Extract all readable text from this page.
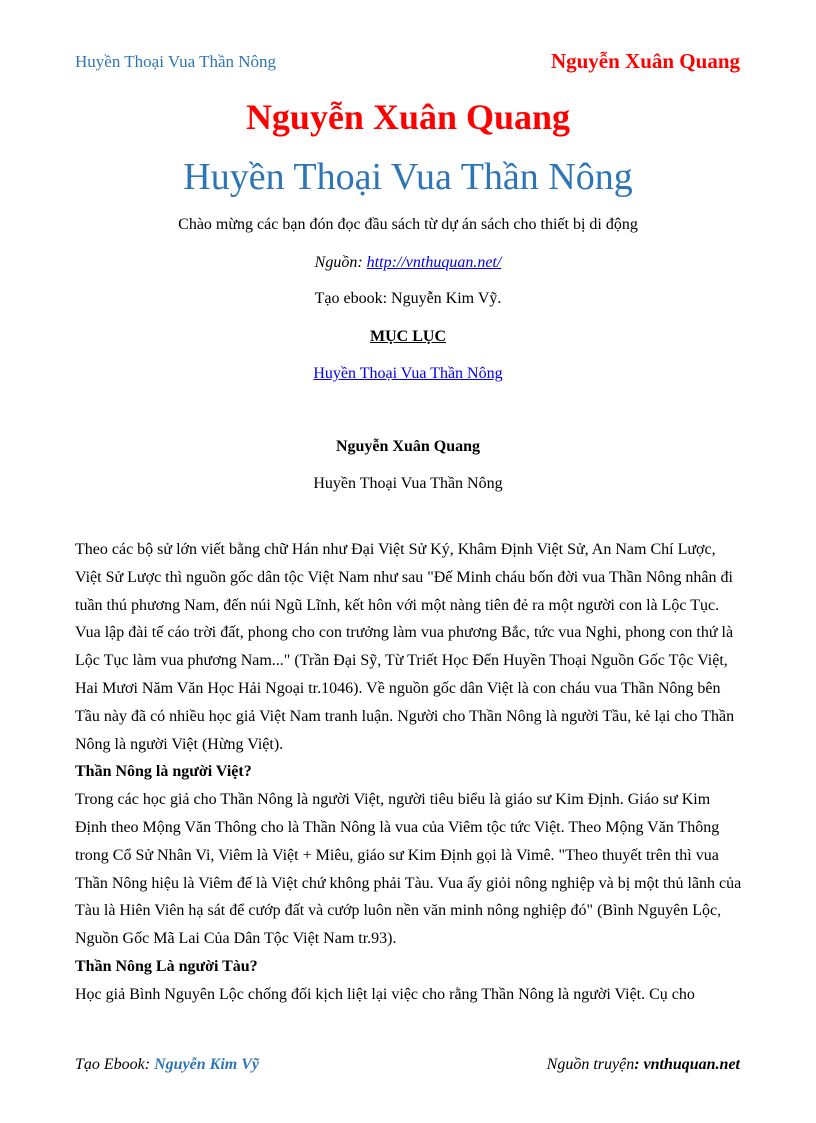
Huyền Thoại Vua Thần Nông	Nguyễn Xuân Quang
Nguyễn Xuân Quang
Huyền Thoại Vua Thần Nông
Chào mừng các bạn đón đọc đầu sách từ dự án sách cho thiết bị di động
Nguồn: http://vnthuquan.net/
Tạo ebook: Nguyễn Kim Vỹ.
MỤC LỤC
Huyền Thoại Vua Thần Nông
Nguyễn Xuân Quang
Huyền Thoại Vua Thần Nông

Theo các bộ sử lớn viết bằng chữ Hán như Đại Việt Sử Ký, Khâm Định Việt Sử, An Nam Chí Lược, Việt Sử Lược thì nguồn gốc dân tộc Việt Nam như sau "Đế Minh cháu bốn đời vua Thần Nông nhân đi tuần thú phương Nam, đến núi Ngũ Lĩnh, kết hôn với một nàng tiên đẻ ra một người con là Lộc Tục. Vua lập đài tế cáo trời đất, phong cho con trưởng làm vua phương Bắc, tức vua Nghi, phong con thứ là Lộc Tục làm vua phương Nam..." (Trần Đại Sỹ, Từ Triết Học Đến Huyền Thoại Nguồn Gốc Tộc Việt, Hai Mươi Năm Văn Học Hải Ngoại tr.1046). Về nguồn gốc dân Việt là con cháu vua Thần Nông bên Tầu này đã có nhiều học giả Việt Nam tranh luận. Người cho Thần Nông là người Tầu, kẻ lại cho Thần Nông là người Việt (Hừng Việt).

Thần Nông là người Việt?

Trong các học giả cho Thần Nông là người Việt, người tiêu biểu là giáo sư Kim Định. Giáo sư Kim Định theo Mộng Văn Thông cho là Thần Nông là vua của Viêm tộc tức Việt. Theo Mộng Văn Thông trong Cổ Sử Nhân Vi, Viêm là Việt + Miêu, giáo sư Kim Định gọi là Vimê. "Theo thuyết trên thì vua Thần Nông hiệu là Viêm đế là Việt chứ không phải Tàu. Vua ấy giỏi nông nghiệp và bị một thủ lãnh của Tàu là Hiên Viên hạ sát để cướp đất và cướp luôn nền văn minh nông nghiệp đó" (Bình Nguyên Lộc, Nguồn Gốc Mã Lai Của Dân Tộc Việt Nam tr.93).

Thần Nông Là người Tàu?

Học giả Bình Nguyên Lộc chống đối kịch liệt lại việc cho rằng Thần Nông là người Việt. Cụ cho

Tạo Ebook: Nguyễn Kim Vỹ	Nguồn truyện: vnthuquan.net
